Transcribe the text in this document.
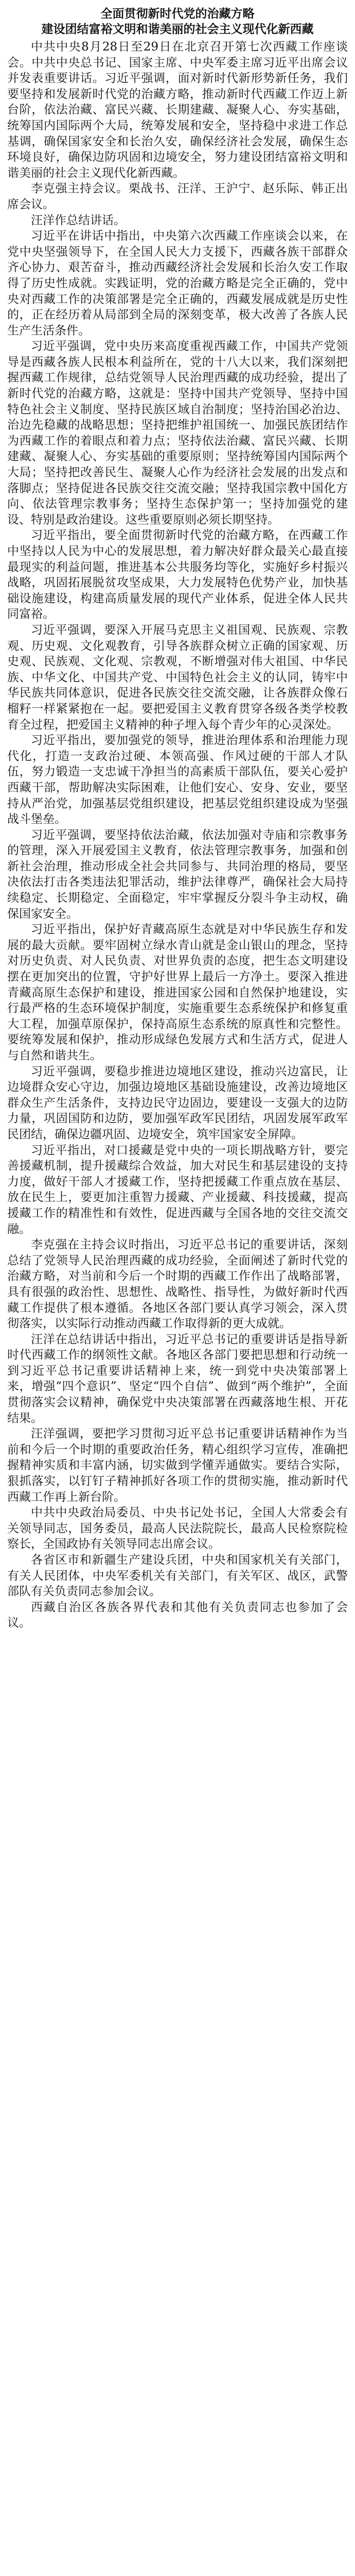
全面贯彻新时代党的治藏方略
建设团结富裕文明和谐美丽的社会主义现代化新西藏

中共中央8月28日至29日在北京召开第七次西藏工作座谈会。中共中央总书记、国家主席、中央军委主席习近平出席会议并发表重要讲话。习近平强调，面对新时代新形势新任务，我们要坚持和发展新时代党的治藏方略，推动新时代西藏工作迈上新台阶，依法治藏、富民兴藏、长期建藏、凝聚人心、夯实基础，统筹国内国际两个大局，统筹发展和安全，坚持稳中求进工作总基调，确保国家安全和长治久安，确保经济社会发展，确保生态环境良好，确保边防巩固和边境安全，努力建设团结富裕文明和谐美丽的社会主义现代化新西藏。

李克强主持会议。栗战书、汪洋、王沪宁、赵乐际、韩正出席会议。

汪洋作总结讲话。

习近平在讲话中指出，中央第六次西藏工作座谈会以来，在党中央坚强领导下，在全国人民大力支援下，西藏各族干部群众齐心协力、艰苦奋斗，推动西藏经济社会发展和长治久安工作取得了历史性成就。实践证明，党的治藏方略是完全正确的，党中央对西藏工作的决策部署是完全正确的，西藏发展成就是历史性的，正在经历着从局部到全局的深刻变革，极大改善了各族人民生产生活条件。

习近平强调，党中央历来高度重视西藏工作，中国共产党领导是西藏各族人民根本利益所在，党的十八大以来，我们深刻把握西藏工作规律，总结党领导人民治理西藏的成功经验，提出了新时代党的治藏方略，这就是：坚持中国共产党领导、坚持中国特色社会主义制度、坚持民族区域自治制度；坚持治国必治边、治边先稳藏的战略思想；坚持把维护祖国统一、加强民族团结作为西藏工作的着眼点和着力点；坚持依法治藏、富民兴藏、长期建藏、凝聚人心、夯实基础的重要原则；坚持统筹国内国际两个大局；坚持把改善民生、凝聚人心作为经济社会发展的出发点和落脚点；坚持促进各民族交往交流交融；坚持我国宗教中国化方向、依法管理宗教事务；坚持生态保护第一；坚持加强党的建设、特别是政治建设。这些重要原则必须长期坚持。

习近平指出，要全面贯彻新时代党的治藏方略，在西藏工作中坚持以人民为中心的发展思想，着力解决好群众最关心最直接最现实的利益问题，推进基本公共服务均等化，实施好乡村振兴战略，巩固拓展脱贫攻坚成果，大力发展特色优势产业，加快基础设施建设，构建高质量发展的现代产业体系，促进全体人民共同富裕。

习近平强调，要深入开展马克思主义祖国观、民族观、宗教观、历史观、文化观教育，引导各族群众树立正确的国家观、历史观、民族观、文化观、宗教观，不断增强对伟大祖国、中华民族、中华文化、中国共产党、中国特色社会主义的认同，铸牢中华民族共同体意识，促进各民族交往交流交融，让各族群众像石榴籽一样紧紧抱在一起。要把爱国主义教育贯穿各级各类学校教育全过程，把爱国主义精神的种子埋入每个青少年的心灵深处。

习近平指出，要加强党的领导，推进治理体系和治理能力现代化，打造一支政治过硬、本领高强、作风过硬的干部人才队伍，努力锻造一支忠诚干净担当的高素质干部队伍，要关心爱护西藏干部，帮助解决实际困难，让他们安心、安身、安业，要坚持从严治党，加强基层党组织建设，把基层党组织建设成为坚强战斗堡垒。

习近平强调，要坚持依法治藏，依法加强对寺庙和宗教事务的管理，深入开展爱国主义教育，依法管理宗教事务，加强和创新社会治理，推动形成全社会共同参与、共同治理的格局，要坚决依法打击各类违法犯罪活动，维护法律尊严，确保社会大局持续稳定、长期稳定、全面稳定，牢牢掌握反分裂斗争主动权，确保国家安全。

习近平指出，保护好青藏高原生态就是对中华民族生存和发展的最大贡献。要牢固树立绿水青山就是金山银山的理念，坚持对历史负责、对人民负责、对世界负责的态度，把生态文明建设摆在更加突出的位置，守护好世界上最后一方净土。要深入推进青藏高原生态保护和建设，推进国家公园和自然保护地建设，实行最严格的生态环境保护制度，实施重要生态系统保护和修复重大工程，加强草原保护，保持高原生态系统的原真性和完整性。要统筹发展和保护，推动形成绿色发展方式和生活方式，促进人与自然和谐共生。

习近平强调，要稳步推进边境地区建设，推动兴边富民，让边境群众安心守边，加强边境地区基础设施建设，改善边境地区群众生产生活条件，支持边民守边固边，要建设一支强大的边防力量，巩固国防和边防，要加强军政军民团结，巩固发展军政军民团结，确保边疆巩固、边境安全，筑牢国家安全屏障。

习近平指出，对口援藏是党中央的一项长期战略方针，要完善援藏机制，提升援藏综合效益，加大对民生和基层建设的支持力度，做好干部人才援藏工作，坚持把援藏工作重点放在基层、放在民生上，要更加注重智力援藏、产业援藏、科技援藏，提高援藏工作的精准性和有效性，促进西藏与全国各地的交往交流交融。

李克强在主持会议时指出，习近平总书记的重要讲话，深刻总结了党领导人民治理西藏的成功经验，全面阐述了新时代党的治藏方略，对当前和今后一个时期的西藏工作作出了战略部署，具有很强的政治性、思想性、战略性、指导性，为做好新时代西藏工作提供了根本遵循。各地区各部门要认真学习领会，深入贯彻落实，以实际行动推动西藏工作取得新的更大成就。

汪洋在总结讲话中指出，习近平总书记的重要讲话是指导新时代西藏工作的纲领性文献。各地区各部门要把思想和行动统一到习近平总书记重要讲话精神上来，统一到党中央决策部署上来，增强“四个意识”、坚定“四个自信”、做到“两个维护”，全面贯彻落实会议精神，确保党中央决策部署在西藏落地生根、开花结果。

汪洋强调，要把学习贯彻习近平总书记重要讲话精神作为当前和今后一个时期的重要政治任务，精心组织学习宣传，准确把握精神实质和丰富内涵，切实做到学懂弄通做实。要结合实际，狠抓落实，以钉钉子精神抓好各项工作的贯彻实施，推动新时代西藏工作再上新台阶。

中共中央政治局委员、中央书记处书记，全国人大常委会有关领导同志，国务委员，最高人民法院院长，最高人民检察院检察长，全国政协有关领导同志出席会议。

各省区市和新疆生产建设兵团，中央和国家机关有关部门，有关人民团体，中央军委机关有关部门，有关军区、战区，武警部队有关负责同志参加会议。

西藏自治区各族各界代表和其他有关负责同志也参加了会议。
